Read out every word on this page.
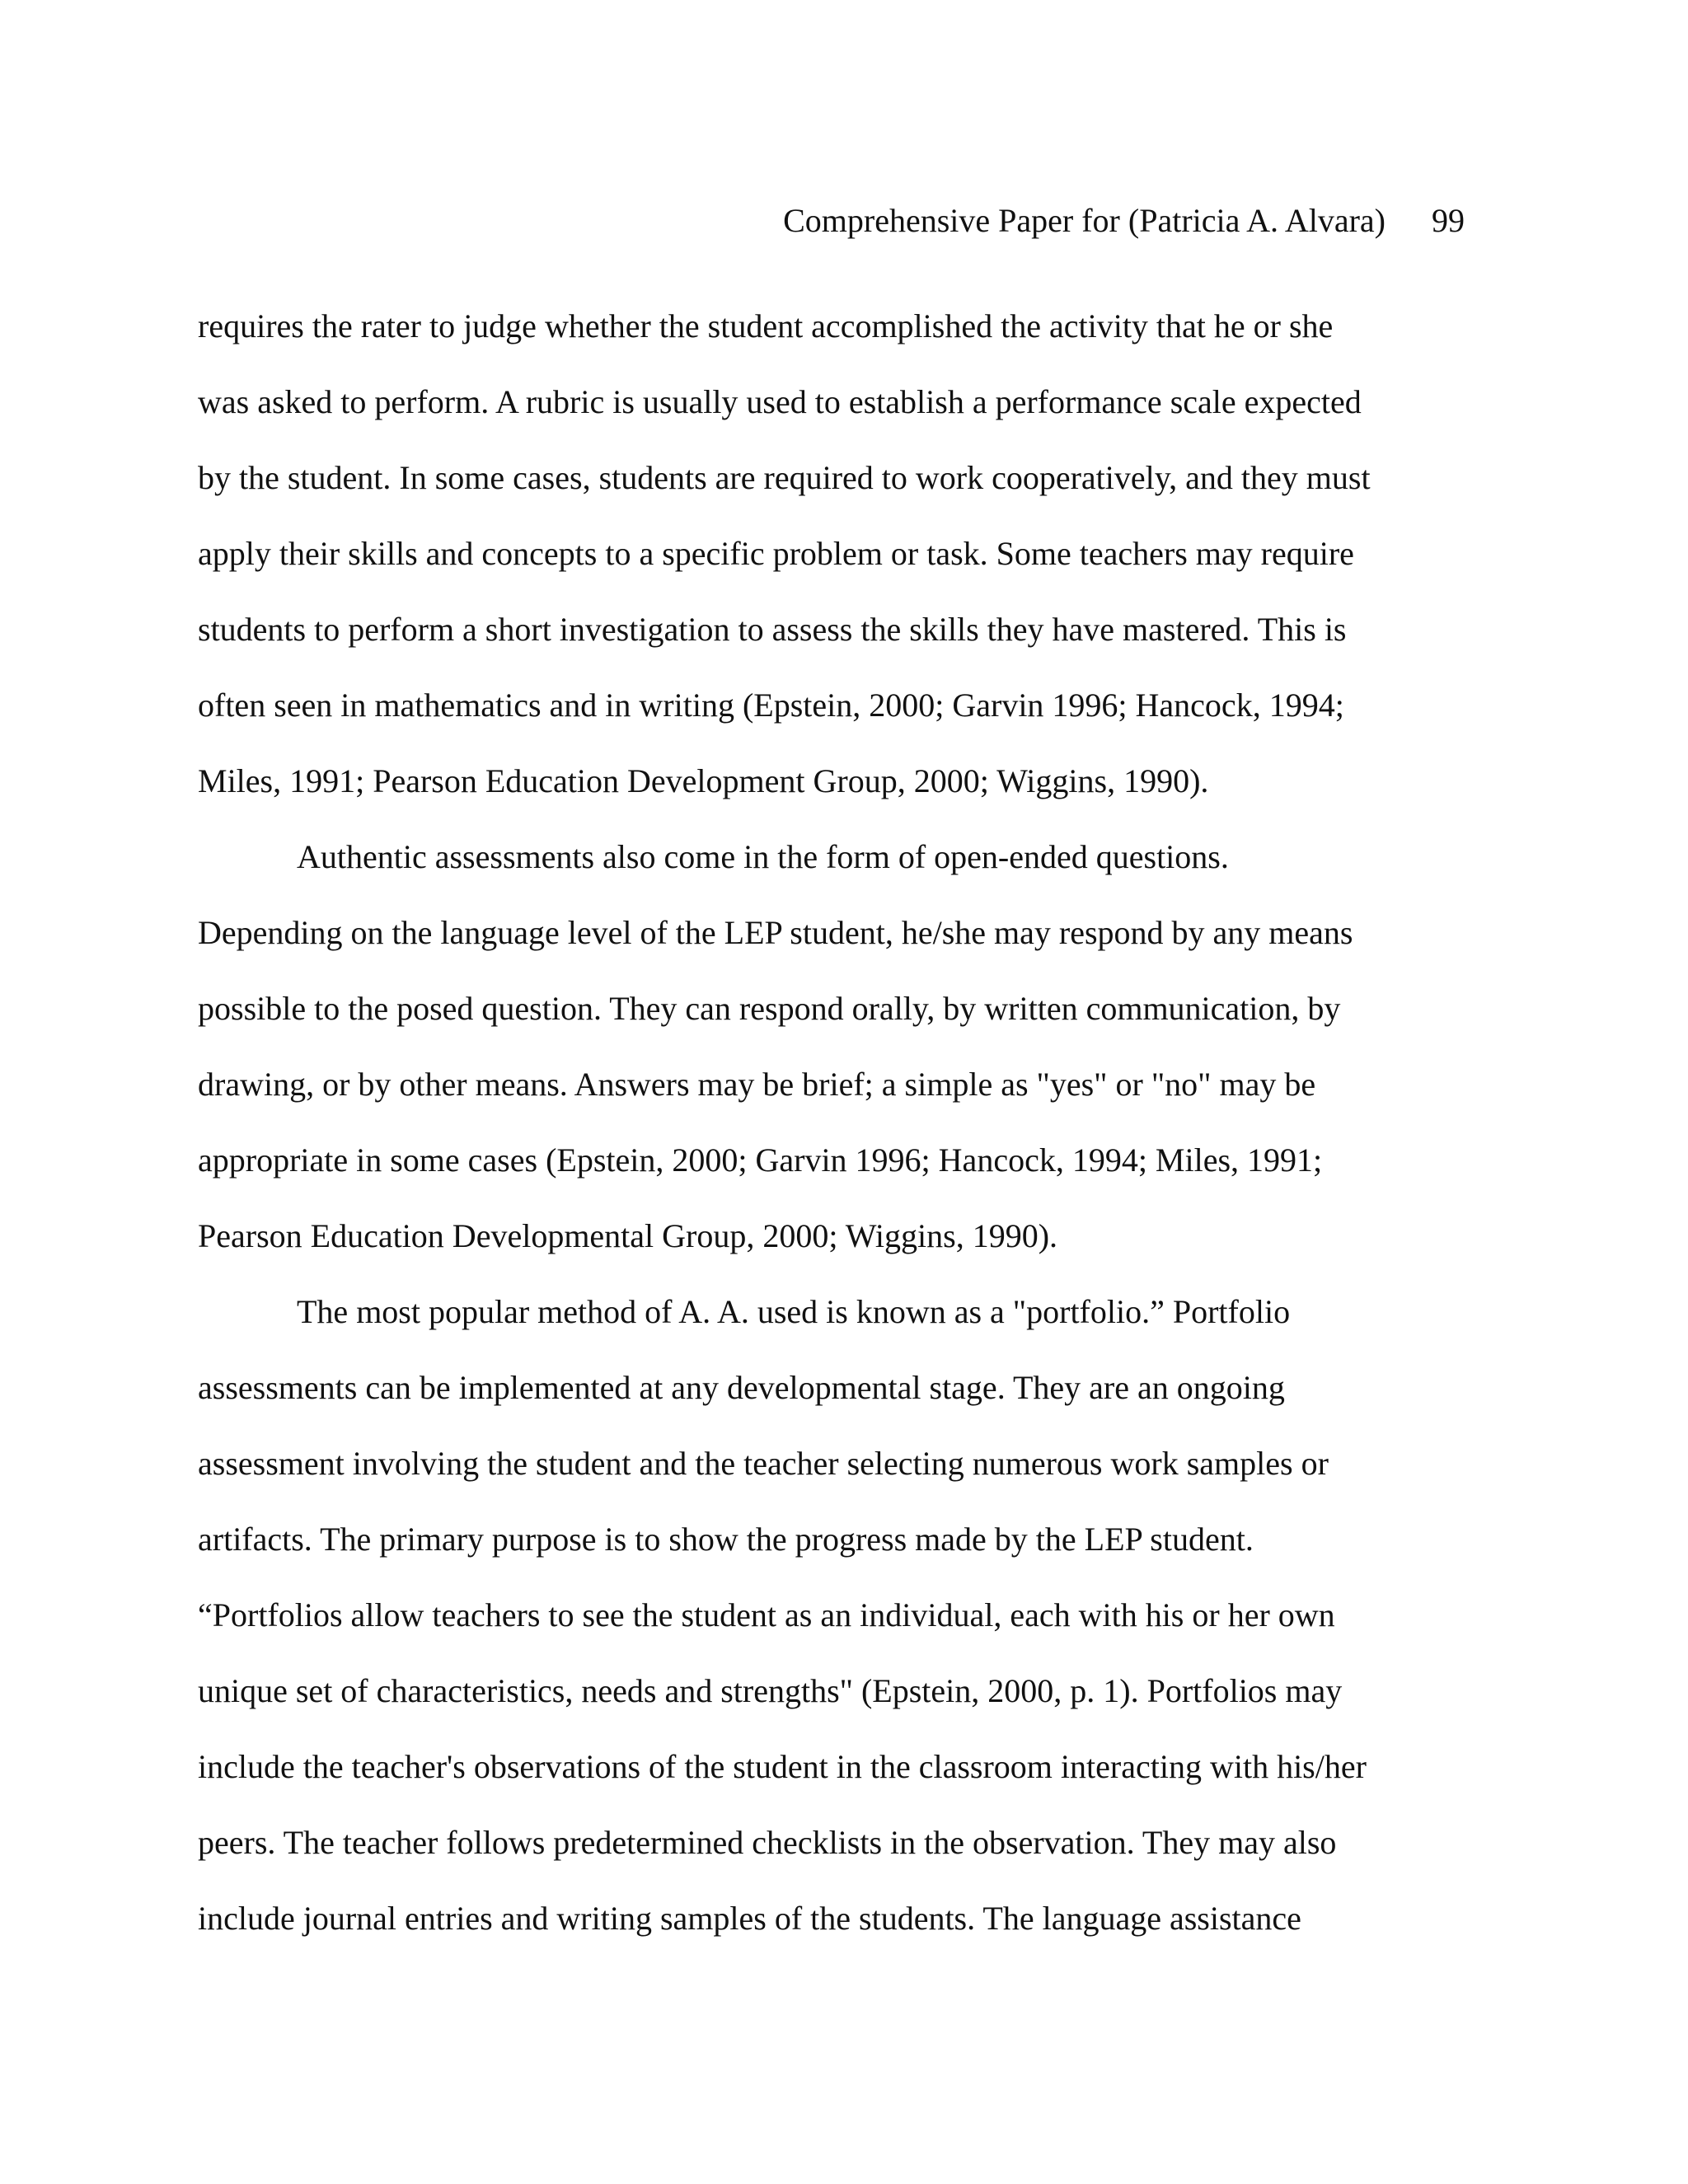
Comprehensive Paper for (Patricia A. Alvara) 99
requires the rater to judge whether the student accomplished the activity that he or she
was asked to perform. A rubric is usually used to establish a performance scale expected
by the student. In some cases, students are required to work cooperatively, and they must
apply their skills and concepts to a specific problem or task. Some teachers may require
students to perform a short investigation to assess the skills they have mastered. This is
often seen in mathematics and in writing (Epstein, 2000; Garvin 1996; Hancock, 1994;
Miles, 1991; Pearson Education Development Group, 2000; Wiggins, 1990).
Authentic assessments also come in the form of open-ended questions.
Depending on the language level of the LEP student, he/she may respond by any means
possible to the posed question. They can respond orally, by written communication, by
drawing, or by other means. Answers may be brief; a simple as "yes" or "no" may be
appropriate in some cases (Epstein, 2000; Garvin 1996; Hancock, 1994; Miles, 1991;
Pearson Education Developmental Group, 2000; Wiggins, 1990).
The most popular method of A. A. used is known as a "portfolio.” Portfolio
assessments can be implemented at any developmental stage. They are an ongoing
assessment involving the student and the teacher selecting numerous work samples or
artifacts. The primary purpose is to show the progress made by the LEP student.
“Portfolios allow teachers to see the student as an individual, each with his or her own
unique set of characteristics, needs and strengths" (Epstein, 2000, p. 1). Portfolios may
include the teacher's observations of the student in the classroom interacting with his/her
peers. The teacher follows predetermined checklists in the observation. They may also
include journal entries and writing samples of the students. The language assistance
